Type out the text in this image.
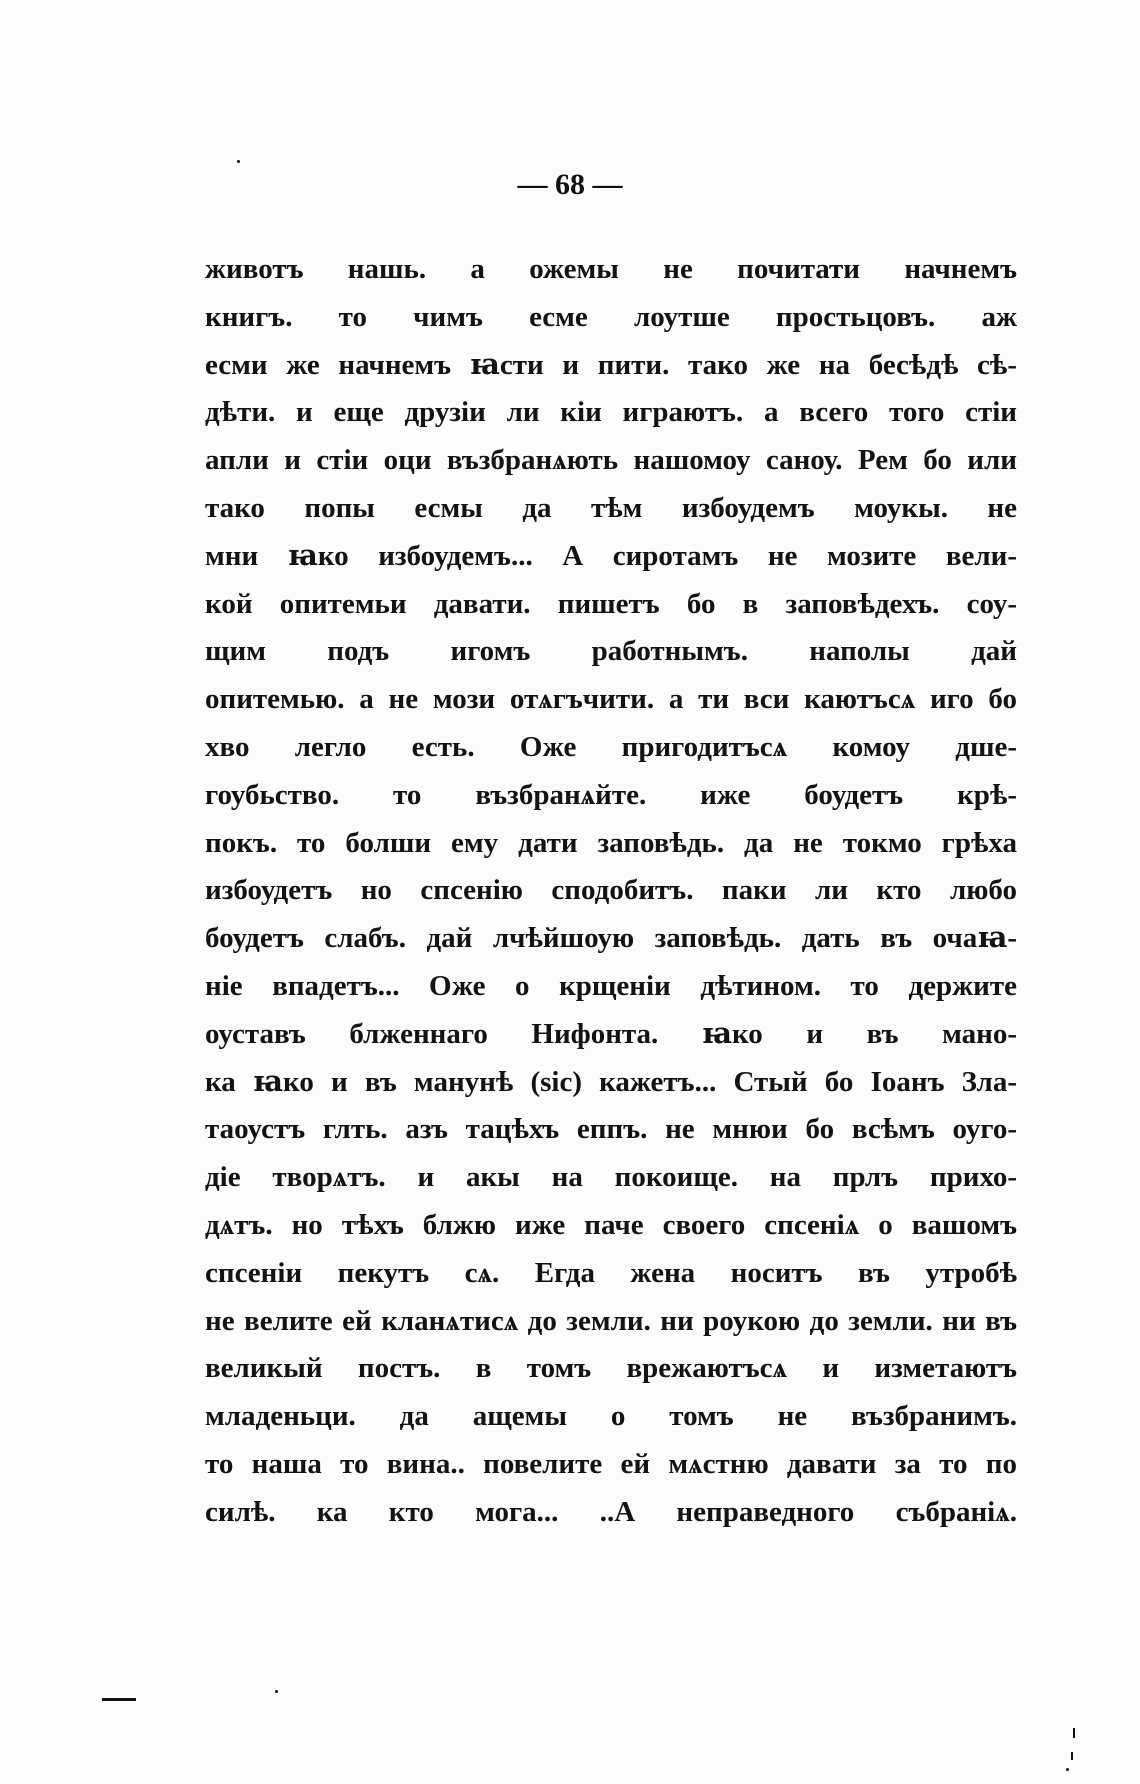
— 68 —
животъ нашь. а ожемы не почитати начнемъ
книгъ. то чимъ есме лоутше простьцовъ. аж
есми же начнемъ ꙗсти и пити. тако же на бесѣдѣ сѣ-
дѣти. и еще друзіи ли кіи играютъ. а всего того стіи
апли и стіи оци възбранѧють нашомоу саноу. Рем бо или
тако попы есмы да тѣм избоудемъ моукы. не
мни ꙗко избоудемъ... А сиротамъ не мозите вели-
кой опитемьи давати. пишетъ бо в заповѣдехъ. соу-
щим подъ игомъ работнымъ. наполы дай
опитемью. а не мози отѧгъчити. а ти вси каютъсѧ иго бо
хво легло есть. Оже пригодитъсѧ комоу дше-
гоубьство. то възбранѧйте. иже боудетъ крѣ-
покъ. то болши ему дати заповѣдь. да не токмо грѣха
избоудетъ но спсенію сподобитъ. паки ли кто любо
боудетъ слабъ. дай лчѣйшоую заповѣдь. дать въ очаꙗ-
ніе впадетъ... Оже о крщеніи дѣтином. то держите
оуставъ блженнаго Нифонта. ꙗко и въ мано-
ка ꙗко и въ манунѣ (sic) кажетъ... Стый бо Іоанъ Зла-
таоустъ глть. азъ тацѣхъ еппъ. не мнюи бо всѣмъ оуго-
діе творѧтъ. и акы на покоище. на прлъ прихо-
дѧтъ. но тѣхъ блжю иже паче своего спсеніѧ о вашомъ
спсеніи пекутъ сѧ. Егда жена носитъ въ утробѣ
не велите ей кланѧтисѧ до земли. ни роукою до земли. ни въ
великый постъ. в томъ врежаютъсѧ и изметаютъ
младеньци. да ащемы о томъ не възбранимъ.
то наша то вина.. повелите ей мѧстню давати за то по
силѣ. ка кто мога... ..А неправедного събраніѧ.
